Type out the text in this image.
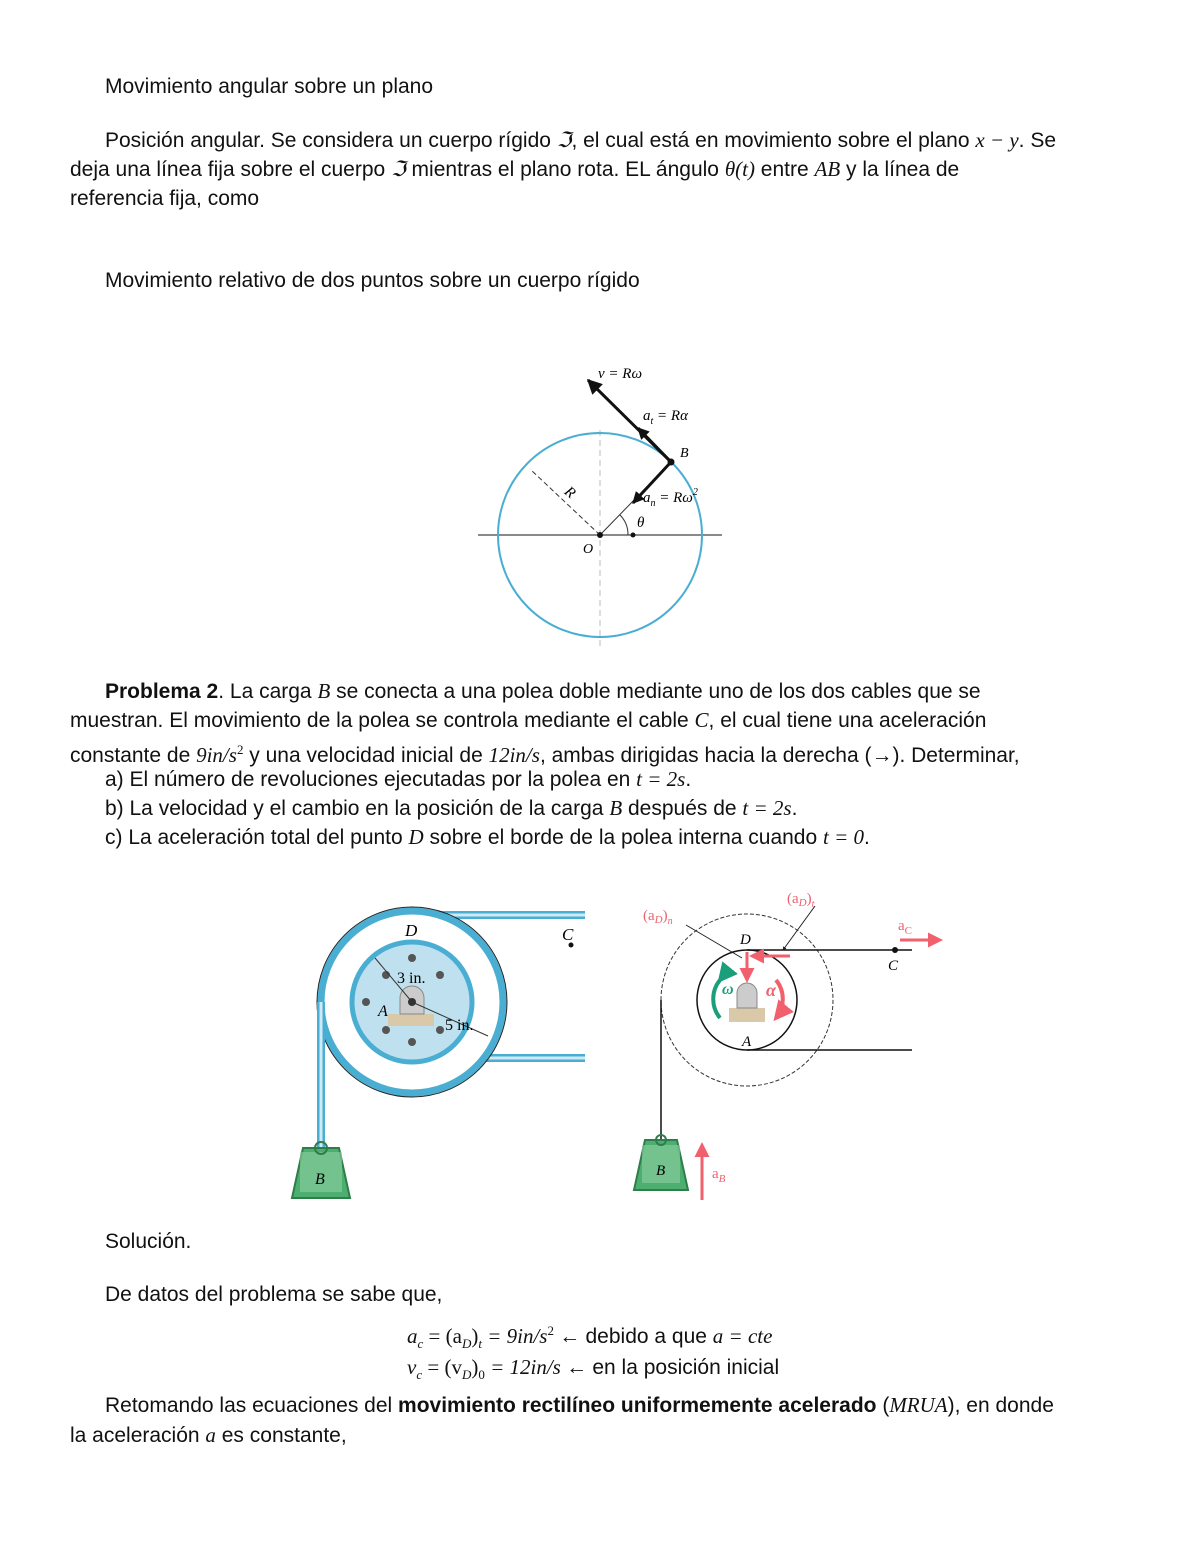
Movimiento angular sobre un plano
Posición angular. Se considera un cuerpo rígido ℑ, el cual está en movimiento sobre el plano x − y. Se
deja una línea fija sobre el cuerpo ℑ mientras el plano rota. EL ángulo θ(t) entre AB y la línea de
referencia fija, como
Movimiento relativo de dos puntos sobre un cuerpo rígido
v = Rω
$a_t = R\alpha$
B
$a_n = R\omega^2$
R
θ
O
Problema 2. La carga B se conecta a una polea doble mediante uno de los dos cables que se
muestran. El movimiento de la polea se controla mediante el cable C, el cual tiene una aceleración
constante de $9in/s^2$ y una velocidad inicial de 12in/s, ambas dirigidas hacia la derecha (→). Determinar,
a) El número de revoluciones ejecutadas por la polea en t = 2s.
b) La velocidad y el cambio en la posición de la carga B después de t = 2s.
c) La aceleración total del punto D sobre el borde de la polea interna cuando t = 0.
D	C
3 in.
A
5 in.
B
$(a_D)_n$
$(a_D)_t$
$a_C$
D
C
A
B
ω α
$a_B$
Solución.
De datos del problema se sabe que,
$a_c = (a_D)_t = 9in/s^2$ ← debido a que a = cte
$v_c = (v_D)_0 = 12in/s$ ← en la posición inicial
Retomando las ecuaciones del movimiento rectilíneo uniformemente acelerado (MRUA), en donde
la aceleración a es constante,
